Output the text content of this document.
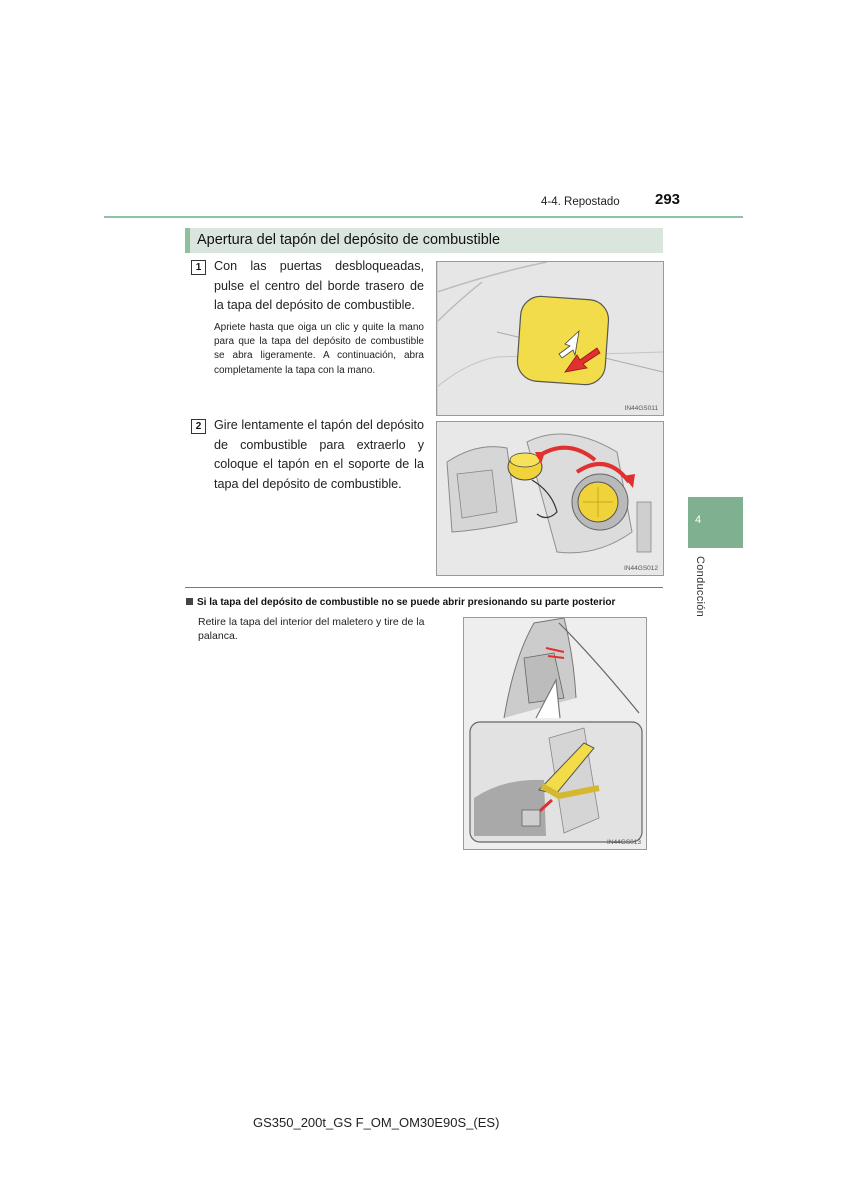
4-4. Repostado 293
4
Conducción
Apertura del tapón del depósito de combustible
1	Con las puertas desbloqueadas, pulse el centro del borde trasero de la tapa del depósito de combustible.
Apriete hasta que oiga un clic y quite la mano para que la tapa del depósito de combustible se abra ligeramente. A continuación, abra completamente la tapa con la mano.
IN44GS011
2	Gire lentamente el tapón del depósito de combustible para extraerlo y coloque el tapón en el soporte de la tapa del depósito de combustible.
IN44GS012
Si la tapa del depósito de combustible no se puede abrir presionando su parte posterior
Retire la tapa del interior del maletero y tire de la palanca.
IN44GS013
GS350_200t_GS F_OM_OM30E90S_(ES)
